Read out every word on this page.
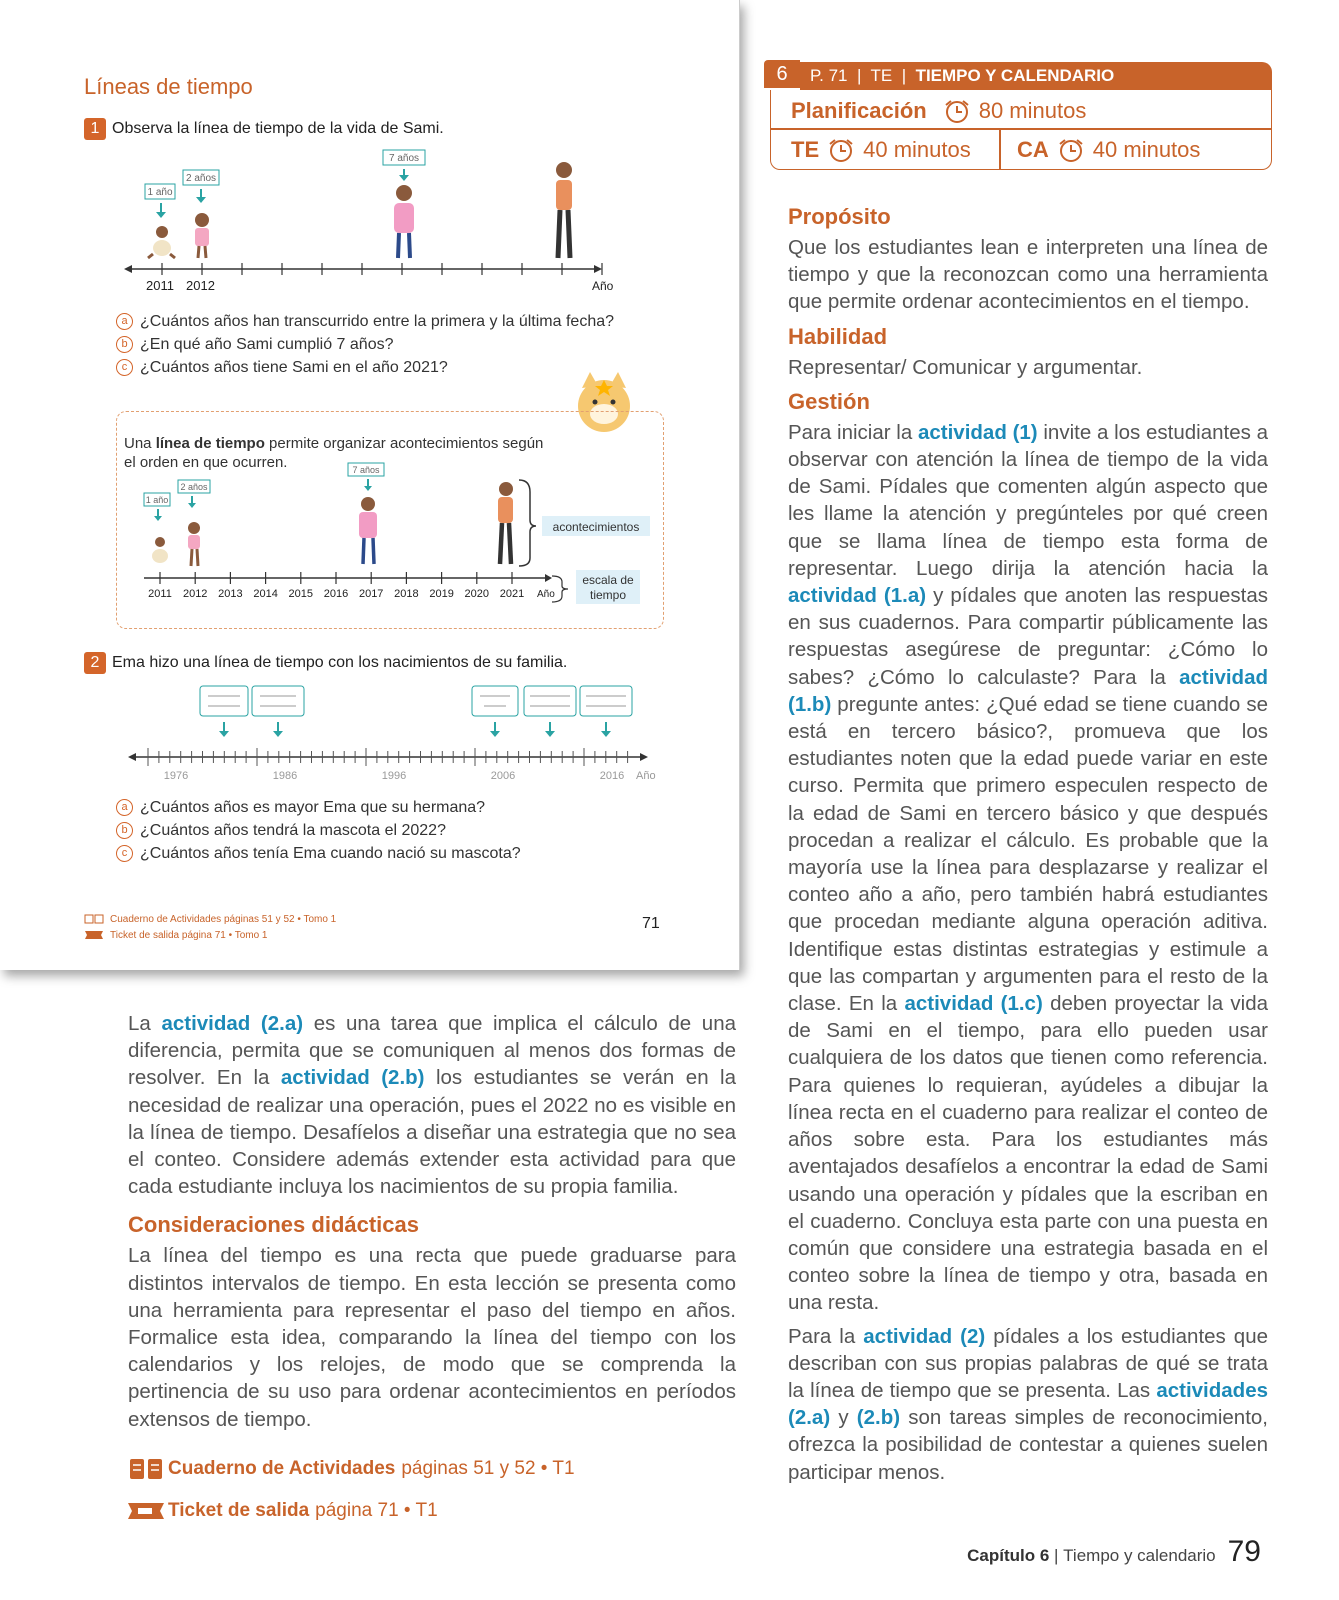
Líneas de tiempo
1 Observa la línea de tiempo de la vida de Sami.
1 año
2 años
7 años
2011 2012	Año
a ¿Cuántos años han transcurrido entre la primera y la última fecha?
b ¿En qué año Sami cumplió 7 años?
c ¿Cuántos años tiene Sami en el año 2021?
Una línea de tiempo permite organizar acontecimientos según el orden en que ocurren.
1 año
2 años
7 años
acontecimientos
2011 2012 2013 2014 2015 2016 2017 2018 2019 2020 2021 Año
escala de
tiempo
2 Ema hizo una línea de tiempo con los nacimientos de su familia.
1976	1986	1996	2006	2016 Año
a ¿Cuántos años es mayor Ema que su hermana?
b ¿Cuántos años tendrá la mascota el 2022?
c ¿Cuántos años tenía Ema cuando nació su mascota?
Cuaderno de Actividades páginas 51 y 52 • Tomo 1
Ticket de salida página 71 • Tomo 1
71
6	P. 71  |  TE  |  TIEMPO Y CALENDARIO
Planificación 80 minutos
TE 40 minutos CA 40 minutos
Propósito

Que los estudiantes lean e interpreten una línea de tiempo y que la reconozcan como una herramienta que permite ordenar acontecimientos en el tiempo.

Habilidad

Representar/ Comunicar y argumentar.

Gestión

Para iniciar la actividad (1) invite a los estudiantes a observar con atención la línea de tiempo de la vida de Sami. Pídales que comenten algún aspecto que les llame la atención y pregúnteles por qué creen que se llama línea de tiempo esta forma de representar. Luego dirija la atención hacia la actividad (1.a) y pídales que anoten las respuestas en sus cuadernos. Para compartir públicamente las respuestas asegúrese de preguntar: ¿Cómo lo sabes? ¿Cómo lo calculaste? Para la actividad (1.b) pregunte antes: ¿Qué edad se tiene cuando se está en tercero básico?, promueva que los estudiantes noten que la edad puede variar en este curso. Permita que primero especulen respecto de la edad de Sami en tercero básico y que después procedan a realizar el cálculo. Es probable que la mayoría use la línea para desplazarse y realizar el conteo año a año, pero también habrá estudiantes que procedan mediante alguna operación aditiva. Identifique estas distintas estrategias y estimule a que las compartan y argumenten para el resto de la clase. En la actividad (1.c) deben proyectar la vida de Sami en el tiempo, para ello pueden usar cualquiera de los datos que tienen como referencia. Para quienes lo requieran, ayúdeles a dibujar la línea recta en el cuaderno para realizar el conteo de años sobre esta. Para los estudiantes más aventajados desafíelos a encontrar la edad de Sami usando una operación y pídales que la escriban en el cuaderno. Concluya esta parte con una puesta en común que considere una estrategia basada en el conteo sobre la línea de tiempo y otra, basada en una resta.

Para la actividad (2) pídales a los estudiantes que describan con sus propias palabras de qué se trata la línea de tiempo que se presenta. Las actividades (2.a) y (2.b) son tareas simples de reconocimiento, ofrezca la posibilidad de contestar a quienes suelen participar menos.

La actividad (2.a) es una tarea que implica el cálculo de una diferencia, permita que se comuniquen al menos dos formas de resolver. En la actividad (2.b) los estudiantes se verán en la necesidad de realizar una operación, pues el 2022 no es visible en la línea de tiempo. Desafíelos a diseñar una estrategia que no sea el conteo. Considere además extender esta actividad para que cada estudiante incluya los nacimientos de su propia familia.

Consideraciones didácticas

La línea del tiempo es una recta que puede graduarse para distintos intervalos de tiempo. En esta lección se presenta como una herramienta para representar el paso del tiempo en años. Formalice esta idea, comparando la línea del tiempo con los calendarios y los relojes, de modo que se comprenda la pertinencia de su uso para ordenar acontecimientos en períodos extensos de tiempo.

Cuaderno de Actividades páginas 51 y 52 • T1
Ticket de salida página 71 • T1
Capítulo 6
|
Tiempo y calendario 79
